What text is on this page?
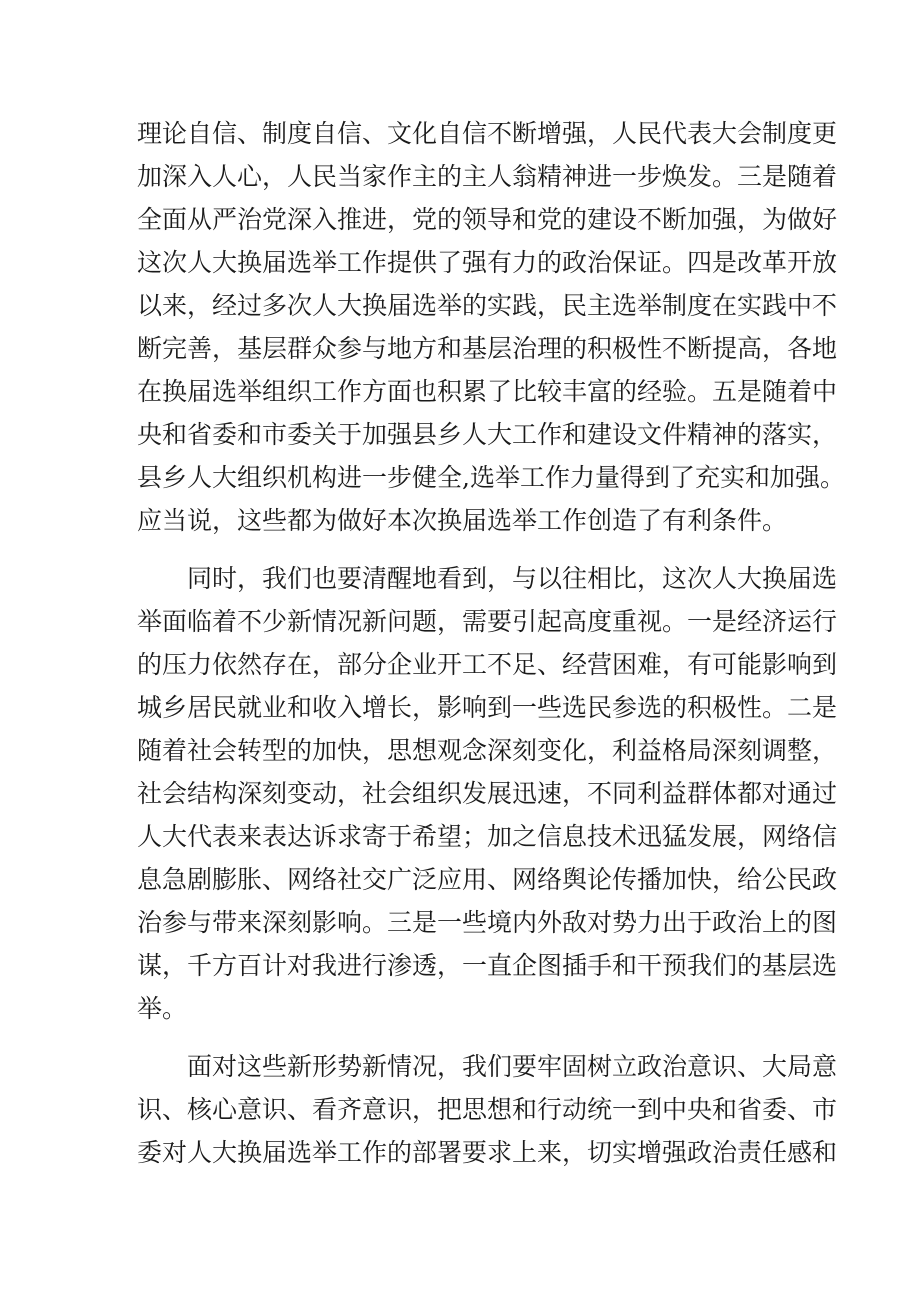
理论自信、制度自信、文化自信不断增强，人民代表大会制度更
加深入人心，人民当家作主的主人翁精神进一步焕发。三是随着
全面从严治党深入推进，党的领导和党的建设不断加强，为做好
这次人大换届选举工作提供了强有力的政治保证。四是改革开放
以来，经过多次人大换届选举的实践，民主选举制度在实践中不
断完善，基层群众参与地方和基层治理的积极性不断提高，各地
在换届选举组织工作方面也积累了比较丰富的经验。五是随着中
央和省委和市委关于加强县乡人大工作和建设文件精神的落实，
县乡人大组织机构进一步健全,选举工作力量得到了充实和加强。
应当说，这些都为做好本次换届选举工作创造了有利条件。
　　同时，我们也要清醒地看到，与以往相比，这次人大换届选
举面临着不少新情况新问题，需要引起高度重视。一是经济运行
的压力依然存在，部分企业开工不足、经营困难，有可能影响到
城乡居民就业和收入增长，影响到一些选民参选的积极性。二是
随着社会转型的加快，思想观念深刻变化，利益格局深刻调整，
社会结构深刻变动，社会组织发展迅速，不同利益群体都对通过
人大代表来表达诉求寄于希望；加之信息技术迅猛发展，网络信
息急剧膨胀、网络社交广泛应用、网络舆论传播加快，给公民政
治参与带来深刻影响。三是一些境内外敌对势力出于政治上的图
谋，千方百计对我进行渗透，一直企图插手和干预我们的基层选
举。
　　面对这些新形势新情况，我们要牢固树立政治意识、大局意
识、核心意识、看齐意识，把思想和行动统一到中央和省委、市
委对人大换届选举工作的部署要求上来，切实增强政治责任感和
